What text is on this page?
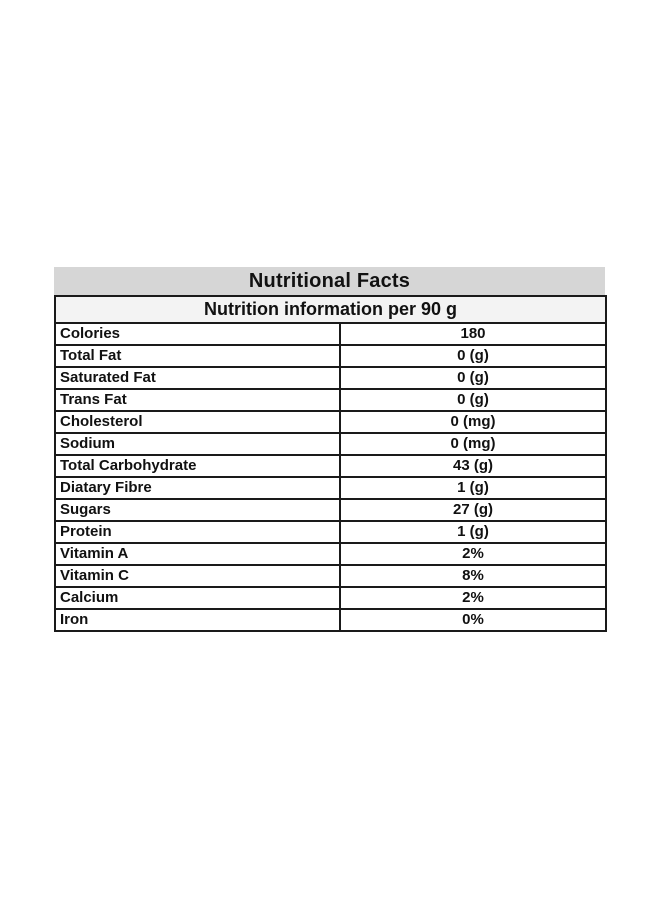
Nutritional Facts
Nutrition information per 90 g	
Colories	180
Total Fat	0 (g)
Saturated Fat	0 (g)
Trans Fat	0 (g)
Cholesterol	0 (mg)
Sodium	0 (mg)
Total Carbohydrate	43 (g)
Diatary Fibre	1 (g)
Sugars	27 (g)
Protein	1 (g)
Vitamin A	2%
Vitamin C	8%
Calcium	2%
Iron	0%
